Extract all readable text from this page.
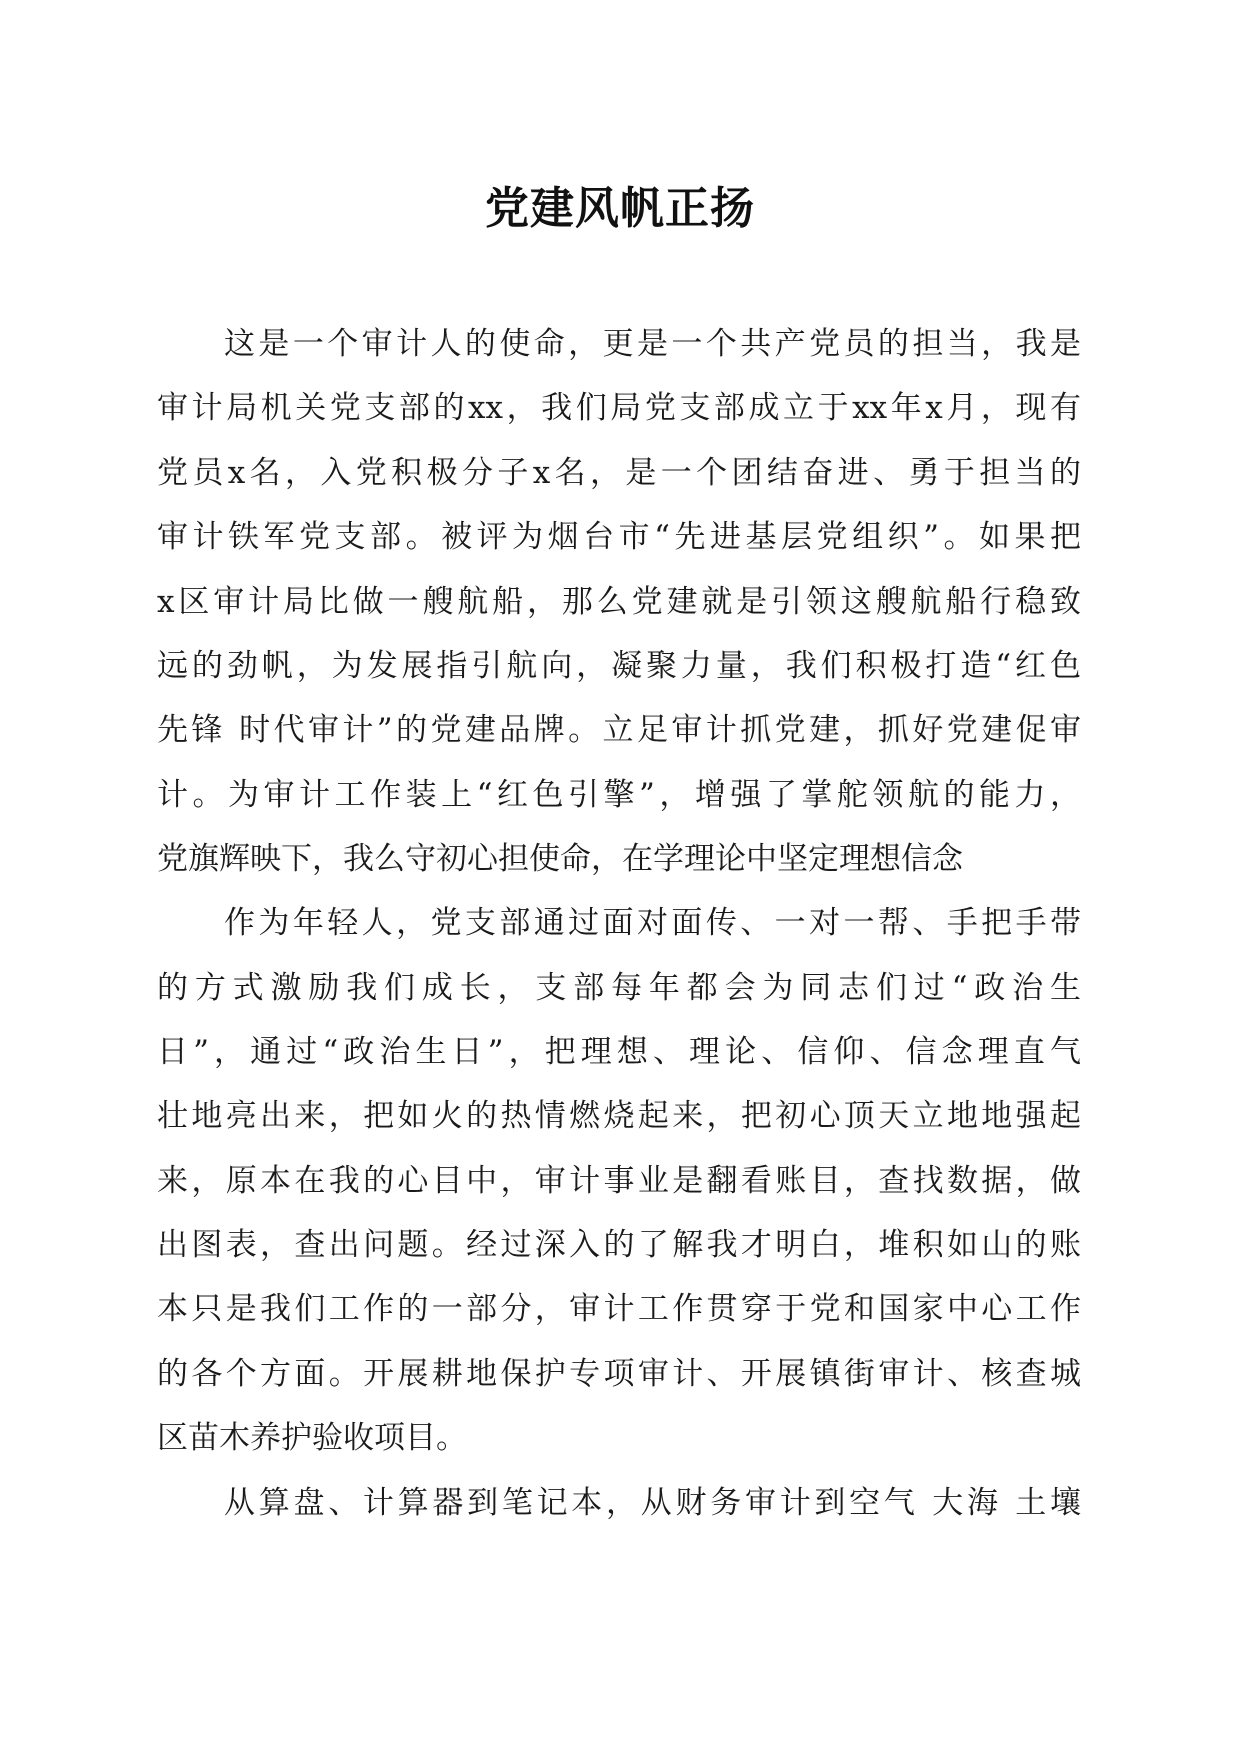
党建风帆正扬

这是一个审计人的使命，更是一个共产党员的担当，我是

审计局机关党支部的xx，我们局党支部成立于xx年x月，现有

党员x名，入党积极分子x名，是一个团结奋进、勇于担当的

审计铁军党支部。被评为烟台市“先进基层党组织”。如果把

x区审计局比做一艘航船，那么党建就是引领这艘航船行稳致

远的劲帆，为发展指引航向，凝聚力量，我们积极打造“红色

先锋 时代审计”的党建品牌。立足审计抓党建，抓好党建促审

计。为审计工作装上“红色引擎”，增强了掌舵领航的能力，

党旗辉映下，我么守初心担使命，在学理论中坚定理想信念

作为年轻人，党支部通过面对面传、一对一帮、手把手带

的方式激励我们成长，支部每年都会为同志们过“政治生

日”，通过“政治生日”，把理想、理论、信仰、信念理直气

壮地亮出来，把如火的热情燃烧起来，把初心顶天立地地强起

来，原本在我的心目中，审计事业是翻看账目，查找数据，做

出图表，查出问题。经过深入的了解我才明白，堆积如山的账

本只是我们工作的一部分，审计工作贯穿于党和国家中心工作

的各个方面。开展耕地保护专项审计、开展镇街审计、核查城

区苗木养护验收项目。

从算盘、计算器到笔记本，从财务审计到空气 大海 土壤
